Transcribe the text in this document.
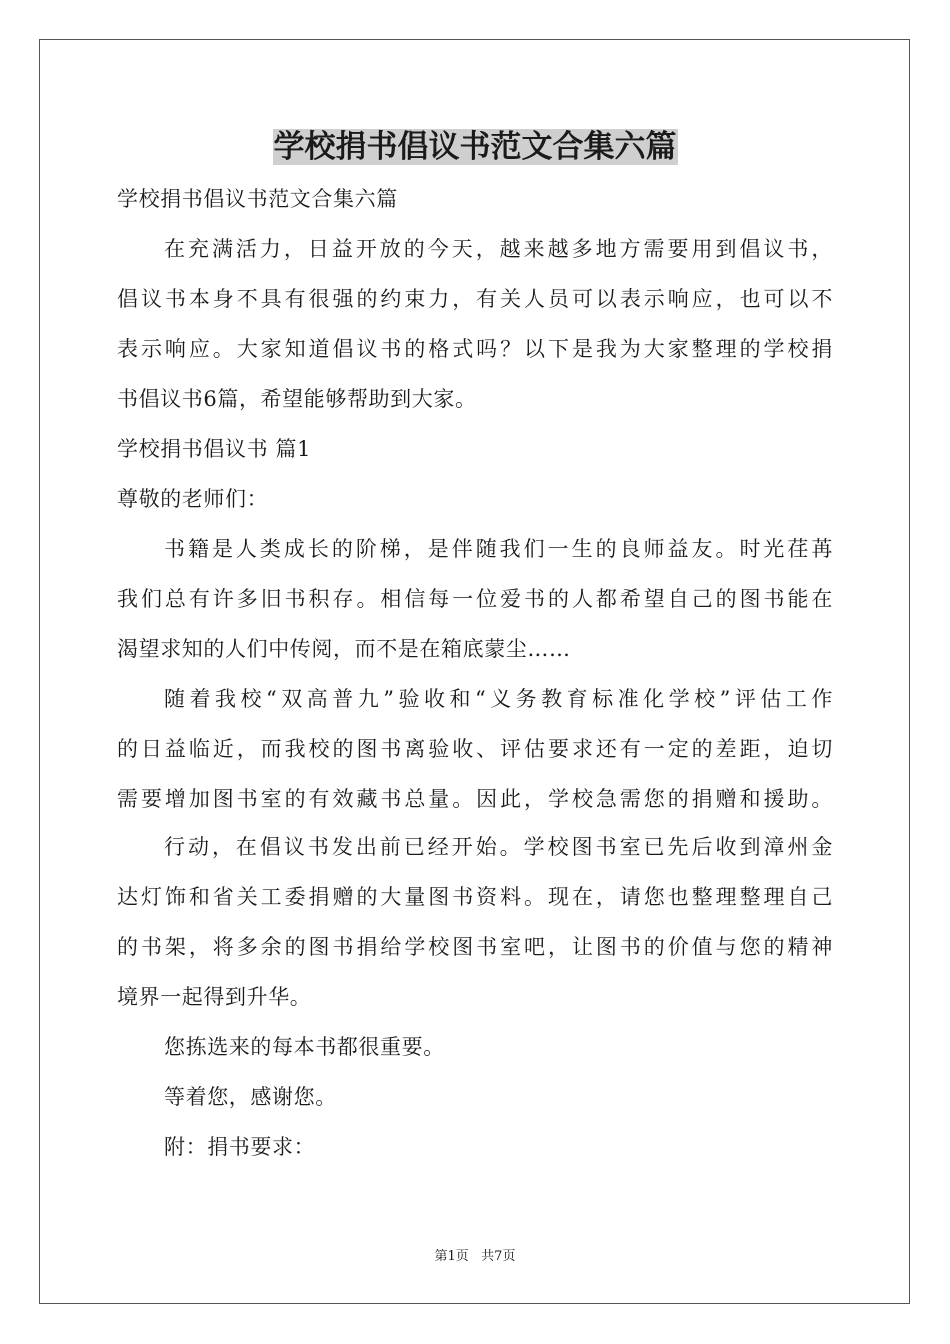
学校捐书倡议书范文合集六篇
学校捐书倡议书范文合集六篇
在充满活力，日益开放的今天，越来越多地方需要用到倡议书，
倡议书本身不具有很强的约束力，有关人员可以表示响应，也可以不
表示响应。大家知道倡议书的格式吗？以下是我为大家整理的学校捐
书倡议书6篇，希望能够帮助到大家。
学校捐书倡议书 篇1
尊敬的老师们：
书籍是人类成长的阶梯，是伴随我们一生的良师益友。时光荏苒
我们总有许多旧书积存。相信每一位爱书的人都希望自己的图书能在
渴望求知的人们中传阅，而不是在箱底蒙尘……
随着我校“双高普九”验收和“义务教育标准化学校”评估工作
的日益临近，而我校的图书离验收、评估要求还有一定的差距，迫切
需要增加图书室的有效藏书总量。因此，学校急需您的捐赠和援助。
行动，在倡议书发出前已经开始。学校图书室已先后收到漳州金
达灯饰和省关工委捐赠的大量图书资料。现在，请您也整理整理自己
的书架，将多余的图书捐给学校图书室吧，让图书的价值与您的精神
境界一起得到升华。
您拣选来的每本书都很重要。
等着您，感谢您。
附：捐书要求：
第1页   共7页
